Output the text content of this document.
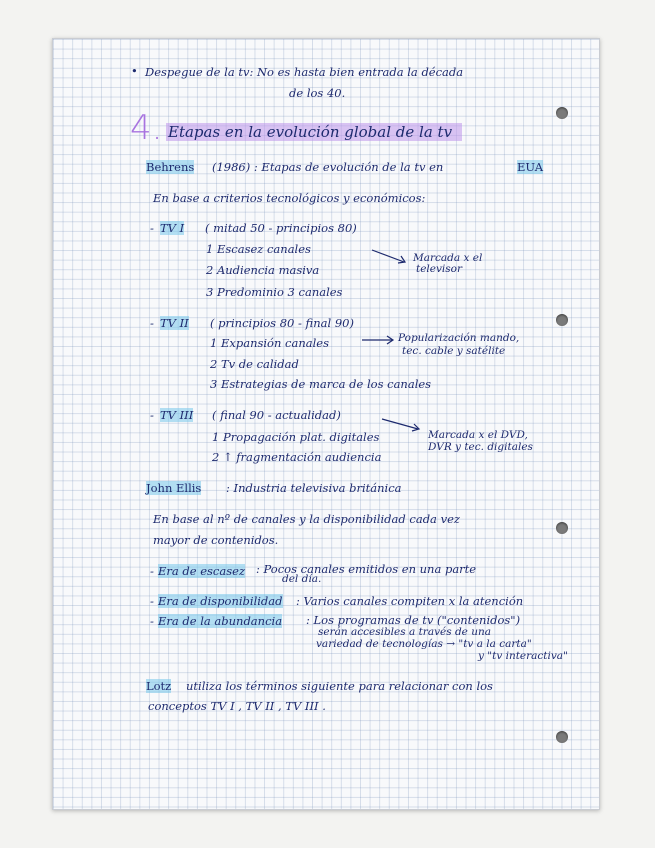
• Despegue de la tv: No es hasta bien entrada la década
de los 40.
4. Etapas en la evolución global de la tv
Behrens (1986) : Etapas de evolución de la tv en	EUA
En base a criterios tecnológicos y económicos:
- TV I ( mitad 50 - principios 80)
1 Escasez canales
2 Audiencia masiva
3 Predominio 3 canales
Marcada x el
televisor
- TV II ( principios 80 - final 90)
1 Expansión canales
2 Tv de calidad
3 Estrategias de marca de los canales
Popularización mando,
tec. cable y satélite
- TV III ( final 90 - actualidad)
1 Propagación plat. digitales
2 ↑ fragmentación audiencia
Marcada x el DVD,
DVR y tec. digitales
John Ellis : Industria televisiva británica
En base al nº de canales y la disponibilidad cada vez
mayor de contenidos.
- Era de escasez : Pocos canales emitidos en una parte
del día.
- Era de disponibilidad : Varios canales compiten x la atención
- Era de la abundancia : Los programas de tv ("contenidos")
serán accesibles a través de una
variedad de tecnologías → "tv a la carta"
y "tv interactiva"
Lotz utiliza los términos siguiente para relacionar con los
conceptos TV I , TV II , TV III .
